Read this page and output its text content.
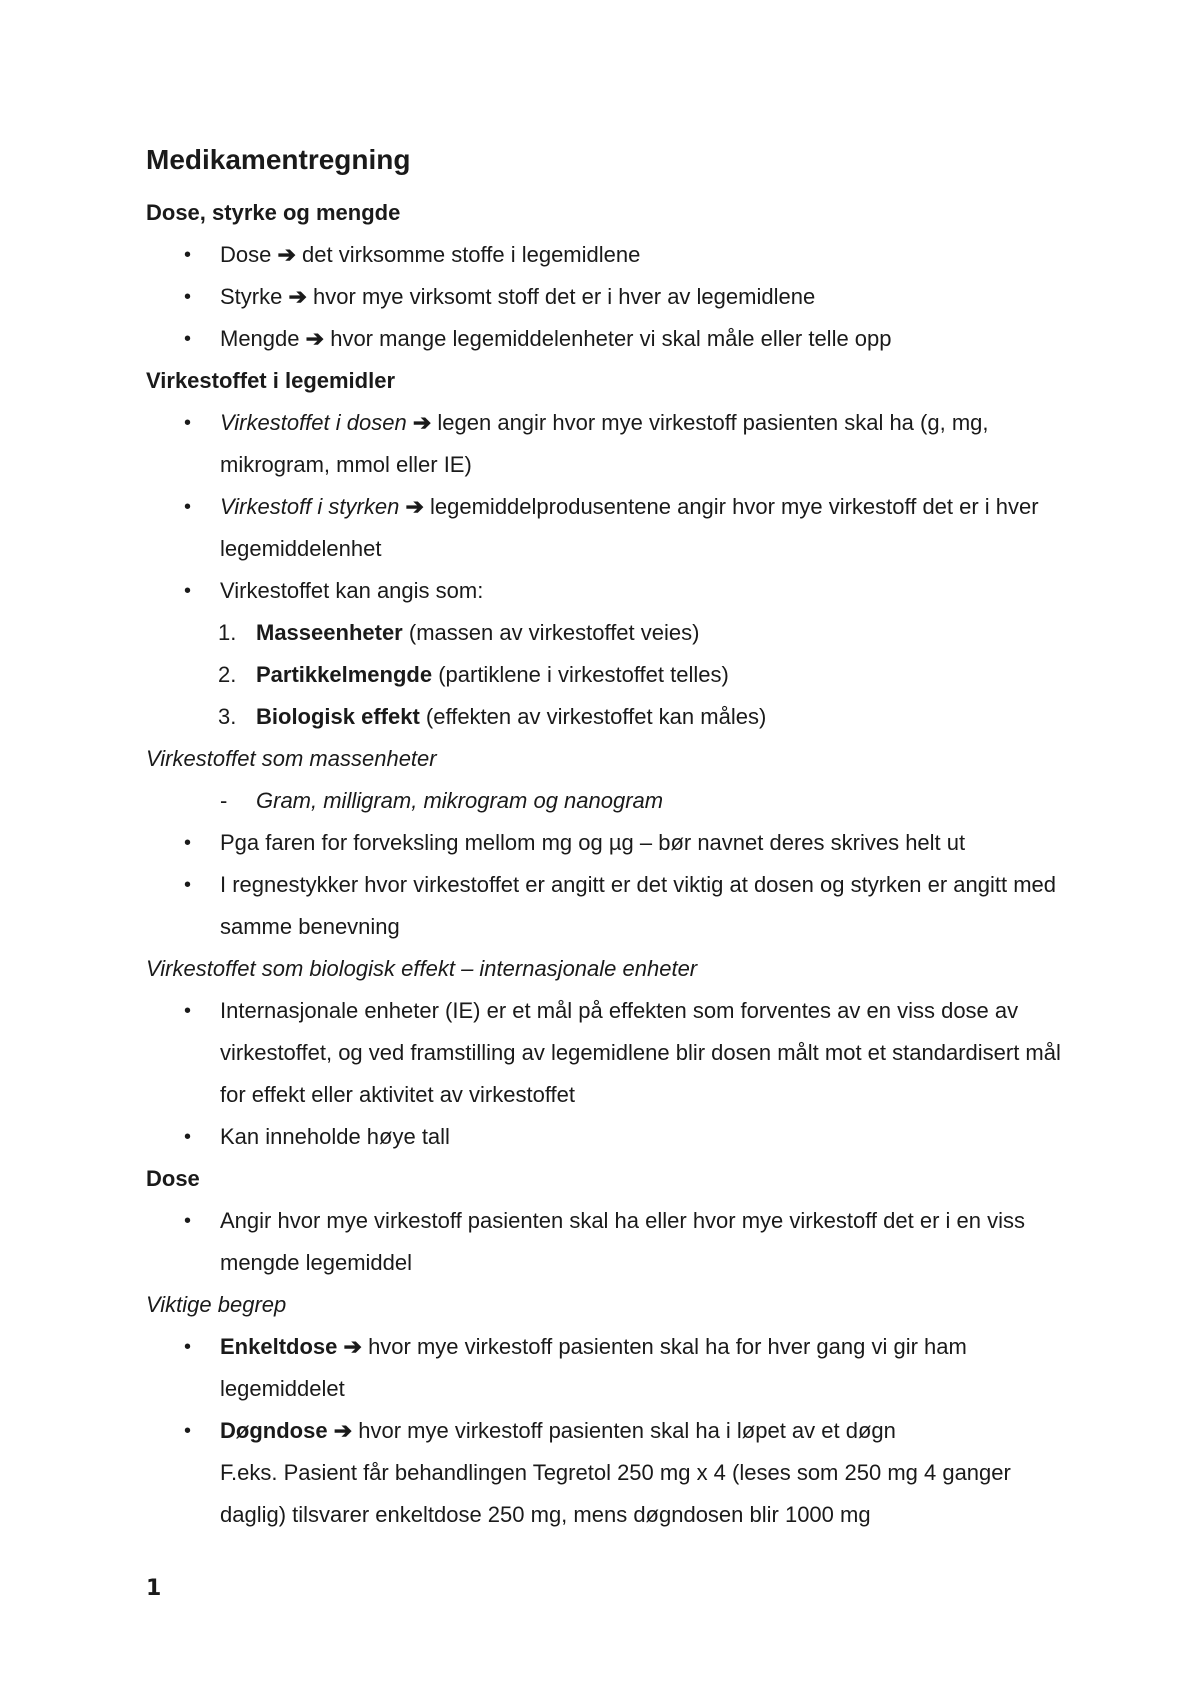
Medikamentregning
Dose, styrke og mengde
• Dose ➔ det virksomme stoffe i legemidlene
• Styrke ➔ hvor mye virksomt stoff det er i hver av legemidlene
• Mengde ➔ hvor mange legemiddelenheter vi skal måle eller telle opp
Virkestoffet i legemidler
• Virkestoffet i dosen ➔ legen angir hvor mye virkestoff pasienten skal ha (g, mg, mikrogram, mmol eller IE)
• Virkestoff i styrken ➔ legemiddelprodusentene angir hvor mye virkestoff det er i hver legemiddelenhet
• Virkestoffet kan angis som:
1. Masseenheter (massen av virkestoffet veies)
2. Partikkelmengde (partiklene i virkestoffet telles)
3. Biologisk effekt (effekten av virkestoffet kan måles)
Virkestoffet som massenheter
- Gram, milligram, mikrogram og nanogram
• Pga faren for forveksling mellom mg og µg – bør navnet deres skrives helt ut
• I regnestykker hvor virkestoffet er angitt er det viktig at dosen og styrken er angitt med samme benevning
Virkestoffet som biologisk effekt – internasjonale enheter
• Internasjonale enheter (IE) er et mål på effekten som forventes av en viss dose av virkestoffet, og ved framstilling av legemidlene blir dosen målt mot et standardisert mål for effekt eller aktivitet av virkestoffet
• Kan inneholde høye tall
Dose
• Angir hvor mye virkestoff pasienten skal ha eller hvor mye virkestoff det er i en viss mengde legemiddel
Viktige begrep
• Enkeltdose ➔ hvor mye virkestoff pasienten skal ha for hver gang vi gir ham legemiddelet
• Døgndose ➔ hvor mye virkestoff pasienten skal ha i løpet av et døgn
F.eks. Pasient får behandlingen Tegretol 250 mg x 4 (leses som 250 mg 4 ganger daglig) tilsvarer enkeltdose 250 mg, mens døgndosen blir 1000 mg
1
